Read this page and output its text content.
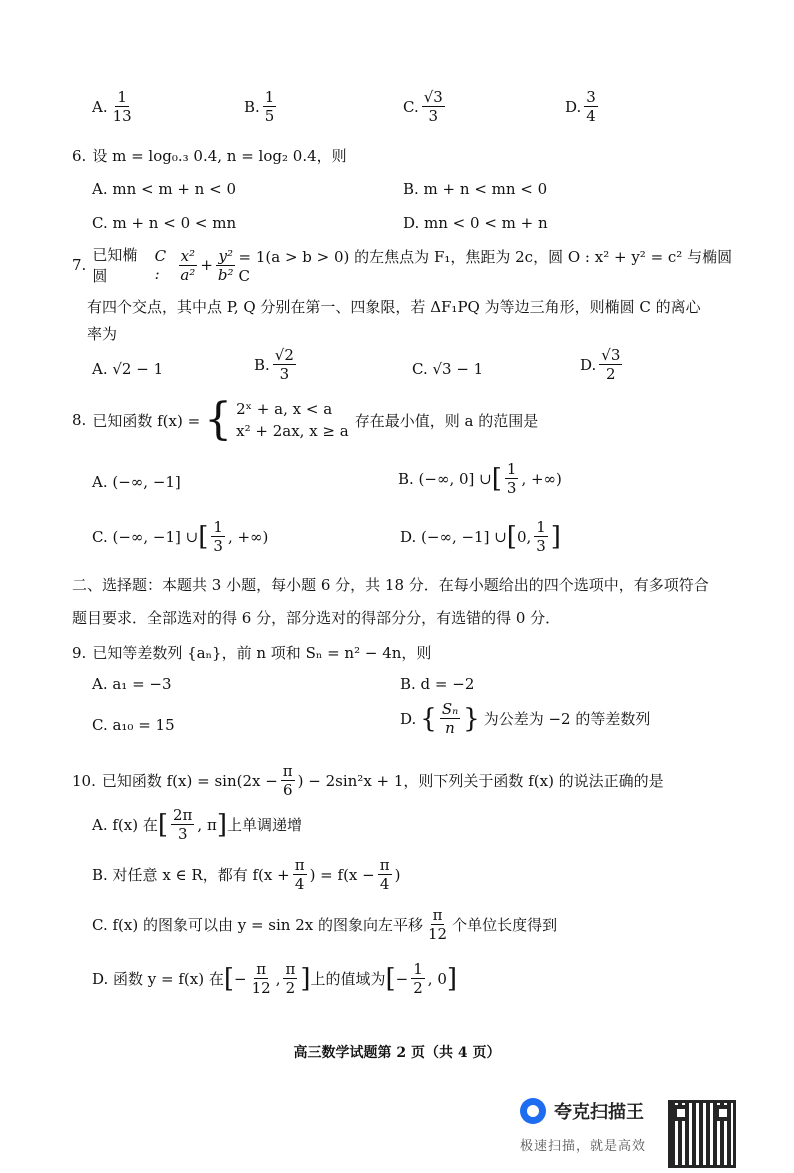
A. $\frac{1}{13}$	B. $\frac{1}{5}$	C. $\frac{√3}{3}$	D. $\frac{3}{4}$
6. 设 m = log₀.₃ 0.4, n = log₂ 0.4，则
A. mn < m + n < 0	B. m + n < mn < 0
C. m + n < 0 < mn	D. mn < 0 < m + n
7.
已知椭圆
C :	$\frac{\text{x²}}{\text{a²}} + \frac{\text{y²}}{\text{b²}} = 1(a > b > 0)$ 的左焦点为 F₁，焦距为 2c，圆 O : x² + y² = c² 与椭圆 C
有四个交点，其中点 P, Q 分别在第一、四象限，若 ΔF₁PQ 为等边三角形，则椭圆 C 的离心
率为
A. √2 − 1	B. $\frac{√2}{3}$	C. √3 − 1	D. $\frac{√3}{2}$
8. 已知函数 f(x) = { 2ˣ + a, x < a
x² + 2ax, x ≥ a
存在最小值，则 a 的范围是
A. (−∞, −1]	B. (−∞, 0] ∪ [ $\frac{1}{3}$ , +∞)
C. (−∞, −1] ∪ [ $\frac{1}{3}$ , +∞)	D. (−∞, −1] ∪ [ 0, $\frac{1}{3}$ ]
二、选择题：本题共 3 小题，每小题 6 分，共 18 分．在每小题给出的四个选项中，有多项符合
题目要求．全部选对的得 6 分，部分选对的得部分分，有选错的得 0 分．
9. 已知等差数列 {aₙ}，前 n 项和 Sₙ = n² − 4n，则
A. a₁ = −3	B. d = −2
C. a₁₀ = 15	D. { $\frac{\text{Sₙ}}{n}$ } 为公差为 −2 的等差数列
10. 已知函数 $f(x) = \sin(2x - \frac{\pi}{6}$ ) − 2sin²x + 1，则下列关于函数 f(x) 的说法正确的是
A. f(x) 在 [ $\frac{2\pi}{3}$ , π ] 上单调递增
B. 对任意 x ∈ R，都有 $f(x + \frac{\pi}{4}$ ) = $f(x - \frac{\pi}{4}$ )
C. f(x) 的图象可以由 y = sin 2x 的图象向左平移 $\frac{\pi}{12}$ 个单位长度得到
D. 函数 y = f(x) 在 [ − $\frac{\pi}{12}$ , $\frac{\pi}{2}$ ] 上的值域为 [ − $\frac{1}{2}$ , 0 ]
高三数学试题第 2 页（共 4 页）
夸克扫描王
极速扫描，就是高效
